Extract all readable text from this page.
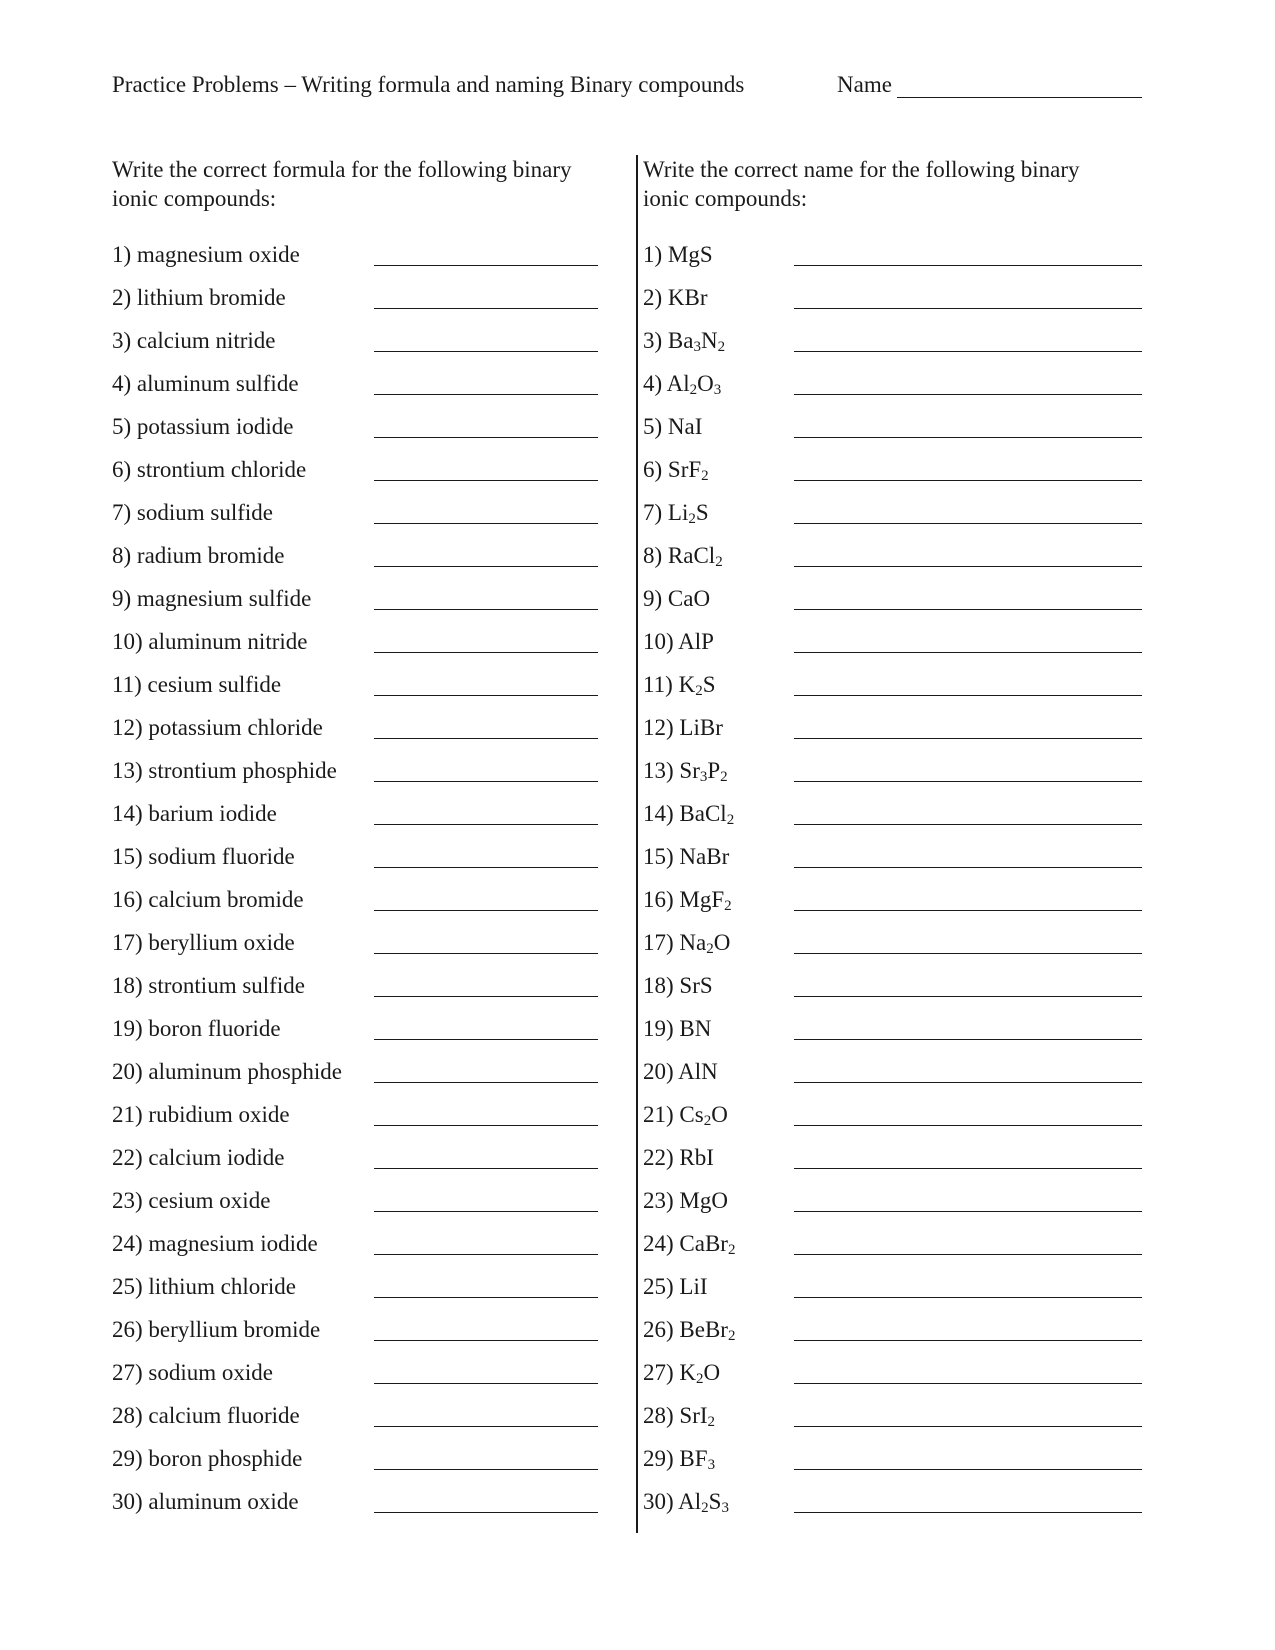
Practice Problems – Writing formula and naming Binary compounds	Name
Write the correct formula for the following binary
ionic compounds:
Write the correct name for the following binary
ionic compounds:
1) magnesium oxide
2) lithium bromide
3) calcium nitride
4) aluminum sulfide
5) potassium iodide
6) strontium chloride
7) sodium sulfide
8) radium bromide
9) magnesium sulfide
10) aluminum nitride
11) cesium sulfide
12) potassium chloride
13) strontium phosphide
14) barium iodide
15) sodium fluoride
16) calcium bromide
17) beryllium oxide
18) strontium sulfide
19) boron fluoride
20) aluminum phosphide
21) rubidium oxide
22) calcium iodide
23) cesium oxide
24) magnesium iodide
25) lithium chloride
26) beryllium bromide
27) sodium oxide
28) calcium fluoride
29) boron phosphide
30) aluminum oxide
1) MgS
2) KBr
3) $Ba_3N_2$
4) $Al_2O_3$
5) NaI
6) SrF$_2$
7) $Li_2S$
8) RaCl$_2$
9) CaO
10) AlP
11) $K_2S$
12) LiBr
13) $Sr_3P_2$
14) BaCl$_2$
15) NaBr
16) MgF$_2$
17) $Na_2O$
18) SrS
19) BN
20) AlN
21) $Cs_2O$
22) RbI
23) MgO
24) CaBr$_2$
25) LiI
26) BeBr$_2$
27) $K_2O$
28) SrI$_2$
29) $BF_3$
30) $Al_2S_3$
